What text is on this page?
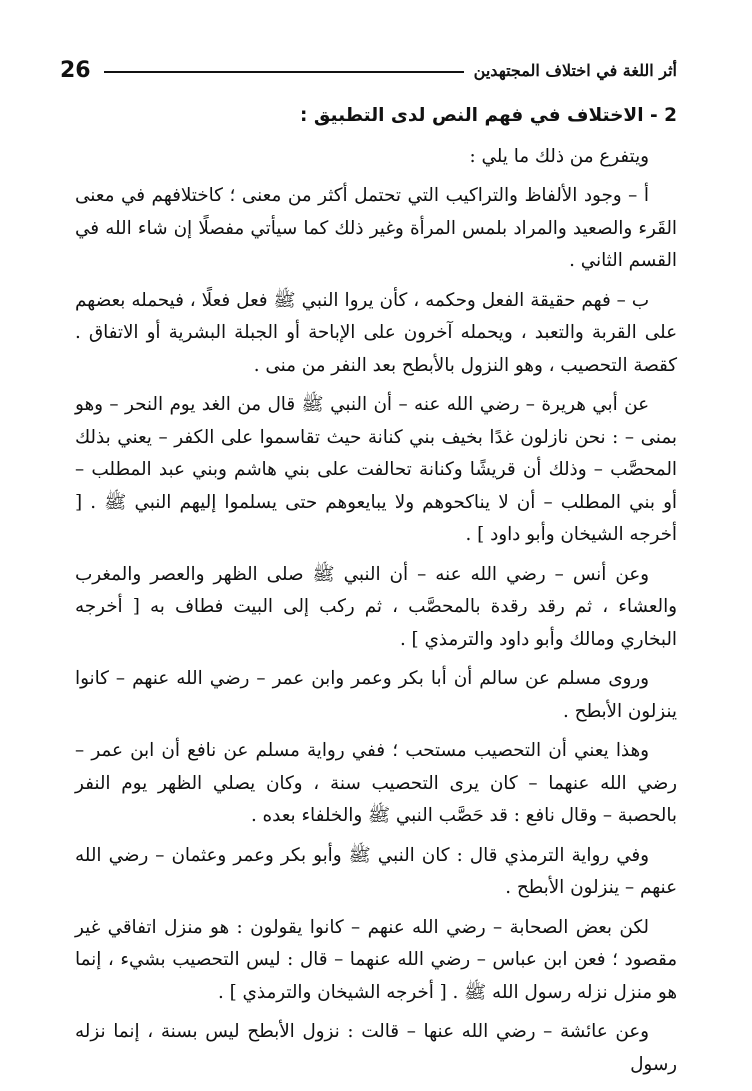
26	أثر اللغة في اختلاف المجتهدين

2 - الاختلاف في فهم النص لدى التطبيق :

ويتفرع من ذلك ما يلي :

أ – وجود الألفاظ والتراكيب التي تحتمل أكثر من معنى ؛ كاختلافهم في معنى القَرء والصعيد والمراد بلمس المرأة وغير ذلك كما سيأتي مفصلًا إن شاء الله في القسم الثاني .

ب – فهم حقيقة الفعل وحكمه ، كأن يروا النبي ﷺ فعل فعلًا ، فيحمله بعضهم على القربة والتعبد ، ويحمله آخرون على الإباحة أو الجبلة البشرية أو الاتفاق . كقصة التحصيب ، وهو النزول بالأبطح بعد النفر من منى .

عن أبي هريرة – رضي الله عنه – أن النبي ﷺ قال من الغد يوم النحر – وهو بمنى – : نحن نازلون غدًا بخيف بني كنانة حيث تقاسموا على الكفر – يعني بذلك المحصَّب – وذلك أن قريشًا وكنانة تحالفت على بني هاشم وبني عبد المطلب – أو بني المطلب – أن لا يناكحوهم ولا يبايعوهم حتى يسلموا إليهم النبي ﷺ . [ أخرجه الشيخان وأبو داود ] .

وعن أنس – رضي الله عنه – أن النبي ﷺ صلى الظهر والعصر والمغرب والعشاء ، ثم رقد رقدة بالمحصَّب ، ثم ركب إلى البيت فطاف به [ أخرجه البخاري ومالك وأبو داود والترمذي ] .

وروى مسلم عن سالم أن أبا بكر وعمر وابن عمر – رضي الله عنهم – كانوا ينزلون الأبطح .

وهذا يعني أن التحصيب مستحب ؛ ففي رواية مسلم عن نافع أن ابن عمر – رضي الله عنهما – كان يرى التحصيب سنة ، وكان يصلي الظهر يوم النفر بالحصبة – وقال نافع : قد حَصَّب النبي ﷺ والخلفاء بعده .

وفي رواية الترمذي قال : كان النبي ﷺ وأبو بكر وعمر وعثمان – رضي الله عنهم – ينزلون الأبطح .

لكن بعض الصحابة – رضي الله عنهم – كانوا يقولون : هو منزل اتفاقي غير مقصود ؛ فعن ابن عباس – رضي الله عنهما – قال : ليس التحصيب بشيء ، إنما هو منزل نزله رسول الله ﷺ . [ أخرجه الشيخان والترمذي ] .

وعن عائشة – رضي الله عنها – قالت : نزول الأبطح ليس بسنة ، إنما نزله رسول
